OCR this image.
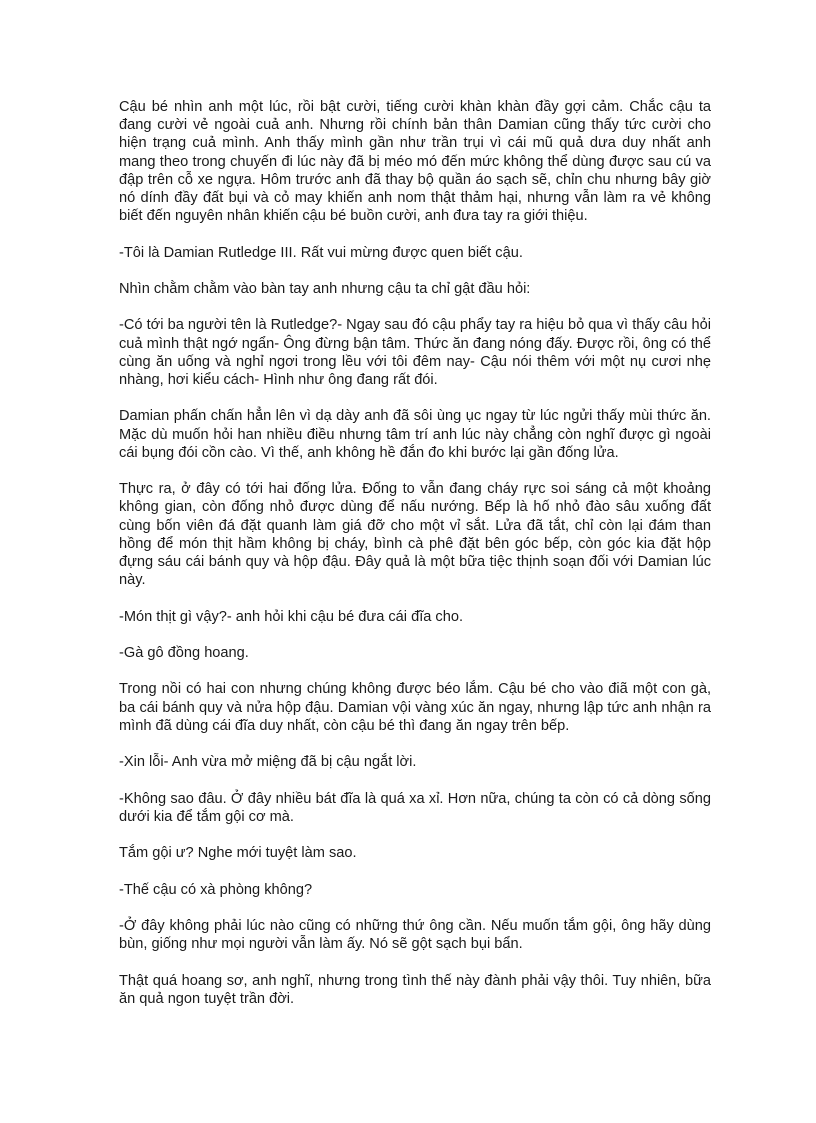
Cậu bé nhìn anh một lúc, rồi bật cười, tiếng cười khàn khàn đầy gợi cảm. Chắc cậu ta đang cười vẻ ngoài cuả anh. Nhưng rồi chính bản thân Damian cũng thấy tức cười cho hiện trạng cuả mình. Anh thấy mình gần như trần trụi vì cái mũ quả dưa duy nhất anh mang theo trong chuyến đi lúc này đã bị méo mó đến mức không thể dùng được sau cú va đập trên cỗ xe ngựa. Hôm trước anh đã thay bộ quần áo sạch sẽ, chỉn chu nhưng bây giờ nó dính đầy đất bụi và cỏ may khiến anh nom thật thảm hại, nhưng vẫn làm ra vẻ không biết đến nguyên nhân khiến cậu bé buồn cười, anh đưa tay ra giới thiệu.

-Tôi là Damian Rutledge III. Rất vui mừng được quen biết cậu.

Nhìn chằm chằm vào bàn tay anh nhưng cậu ta chỉ gật đầu hỏi:

-Có tới ba người tên là Rutledge?- Ngay sau đó cậu phẩy tay ra hiệu bỏ qua vì thấy câu hỏi cuả mình thật ngớ ngẩn- Ông đừng bận tâm. Thức ăn đang nóng đấy. Được rồi, ông có thể cùng ăn uống và nghỉ ngơi trong lều với tôi đêm nay- Cậu nói thêm với một nụ cươi nhẹ nhàng, hơi kiểu cách- Hình như ông đang rất đói.

Damian phấn chấn hẳn lên vì dạ dày anh đã sôi ùng ục ngay từ lúc ngửi thấy mùi thức ăn. Mặc dù muốn hỏi han nhiều điều nhưng tâm trí anh lúc này chẳng còn nghĩ được gì ngoài cái bụng đói cồn cào. Vì thế, anh không hề đắn đo khi bước lại gần đống lửa.

Thực ra, ở đây có tới hai đống lửa. Đống to vẫn đang cháy rực soi sáng cả một khoảng không gian, còn đống nhỏ được dùng để nấu nướng. Bếp là hố nhỏ đào sâu xuống đất cùng bốn viên đá đặt quanh làm giá đỡ cho một vỉ sắt. Lửa đã tắt, chỉ còn lại đám than hồng để món thịt hầm không bị cháy, bình cà phê đặt bên góc bếp, còn góc kia đặt hộp đựng sáu cái bánh quy và hộp đậu. Đây quả là một bữa tiệc thịnh soạn đối với Damian lúc này.

-Món thịt gì vậy?- anh hỏi khi cậu bé đưa cái đĩa cho.

-Gà gô đồng hoang.

Trong nồi có hai con nhưng chúng không được béo lắm. Cậu bé cho vào điã một con gà, ba cái bánh quy và nửa hộp đậu. Damian vội vàng xúc ăn ngay, nhưng lập tức anh nhận ra mình đã dùng cái đĩa duy nhất, còn cậu bé thì đang ăn ngay trên bếp.

-Xin lỗi- Anh vừa mở miệng đã bị cậu ngắt lời.

-Không sao đâu. Ở đây nhiều bát đĩa là quá xa xỉ. Hơn nữa, chúng ta còn có cả dòng sống dưới kia để tắm gội cơ mà.

Tắm gội ư? Nghe mới tuyệt làm sao.

-Thế cậu có xà phòng không?

-Ở đây không phải lúc nào cũng có những thứ ông cần. Nếu muốn tắm gội, ông hãy dùng bùn, giống như mọi người vẫn làm ấy. Nó sẽ gột sạch bụi bẩn.

Thật quá hoang sơ, anh nghĩ, nhưng trong tình thế này đành phải vậy thôi. Tuy nhiên, bữa ăn quả ngon tuyệt trần đời.
